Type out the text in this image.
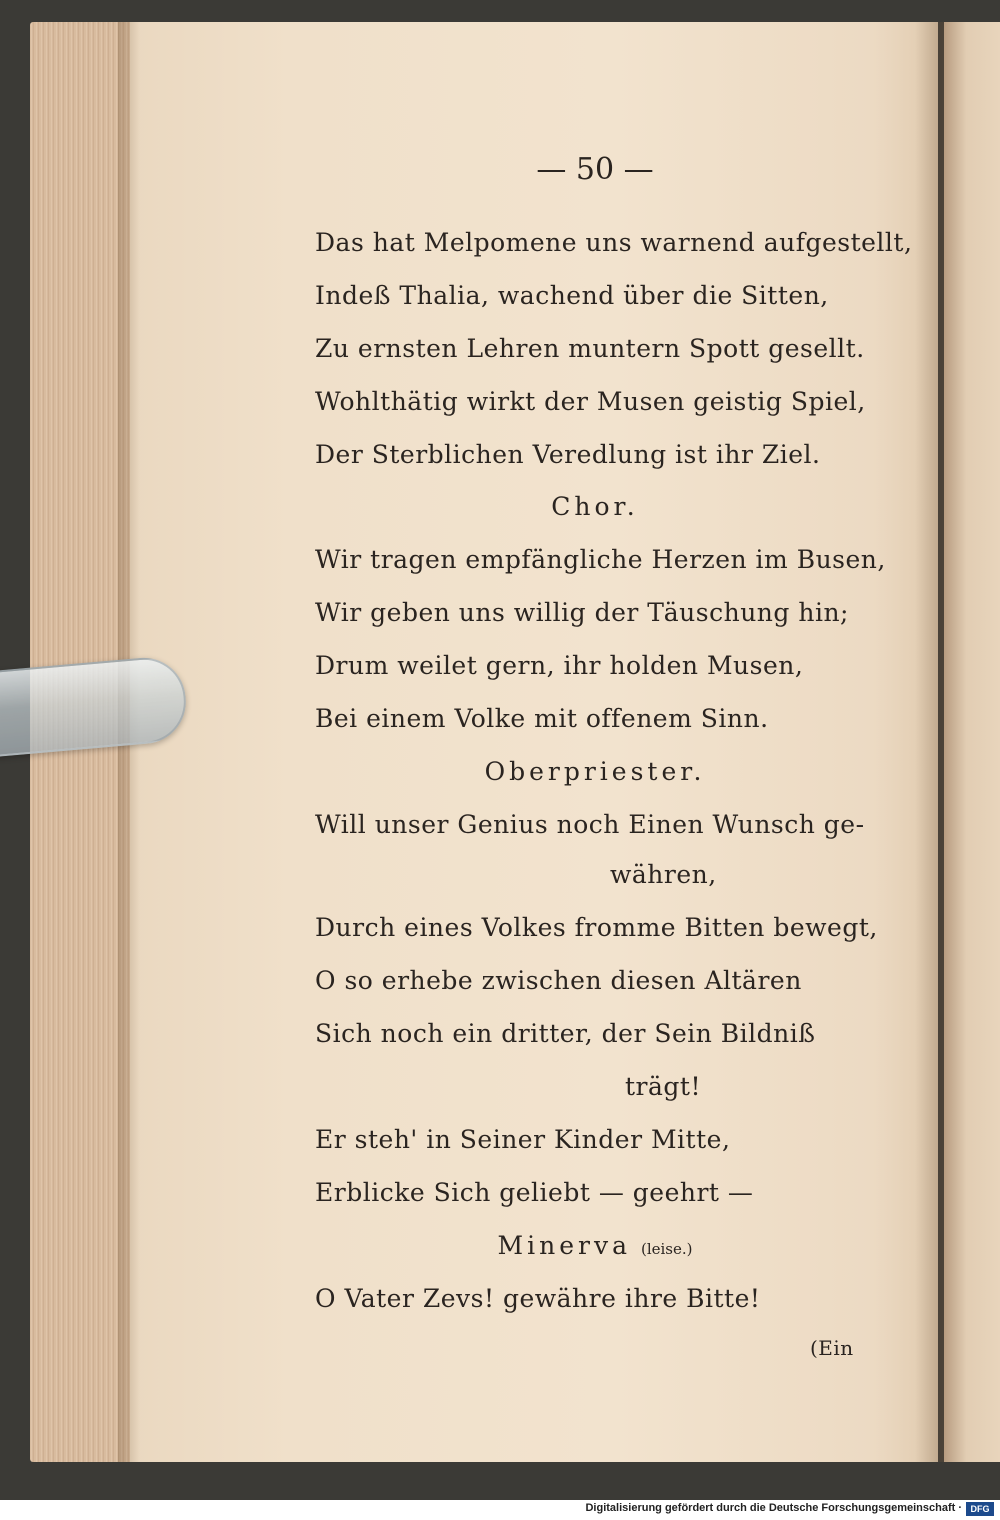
— 50 —
Das hat Melpomene uns warnend aufgestellt,
Indeß Thalia, wachend über die Sitten,
Zu ernsten Lehren muntern Spott gesellt.
Wohlthätig wirkt der Musen geistig Spiel,
Der Sterblichen Veredlung ist ihr Ziel.
Chor.
Wir tragen empfängliche Herzen im Busen,
Wir geben uns willig der Täuschung hin;
Drum weilet gern, ihr holden Musen,
Bei einem Volke mit offenem Sinn.
Oberpriester.
Will unser Genius noch Einen Wunsch ge-
währen,
Durch eines Volkes fromme Bitten bewegt,
O so erhebe zwischen diesen Altären
Sich noch ein dritter, der Sein Bildniß
trägt!
Er steh' in Seiner Kinder Mitte,
Erblicke Sich geliebt — geehrt —
Minerva (leise.)
O Vater Zevs! gewähre ihre Bitte!
(Ein
Digitalisierung gefördert durch die Deutsche Forschungsgemeinschaft · DFG
